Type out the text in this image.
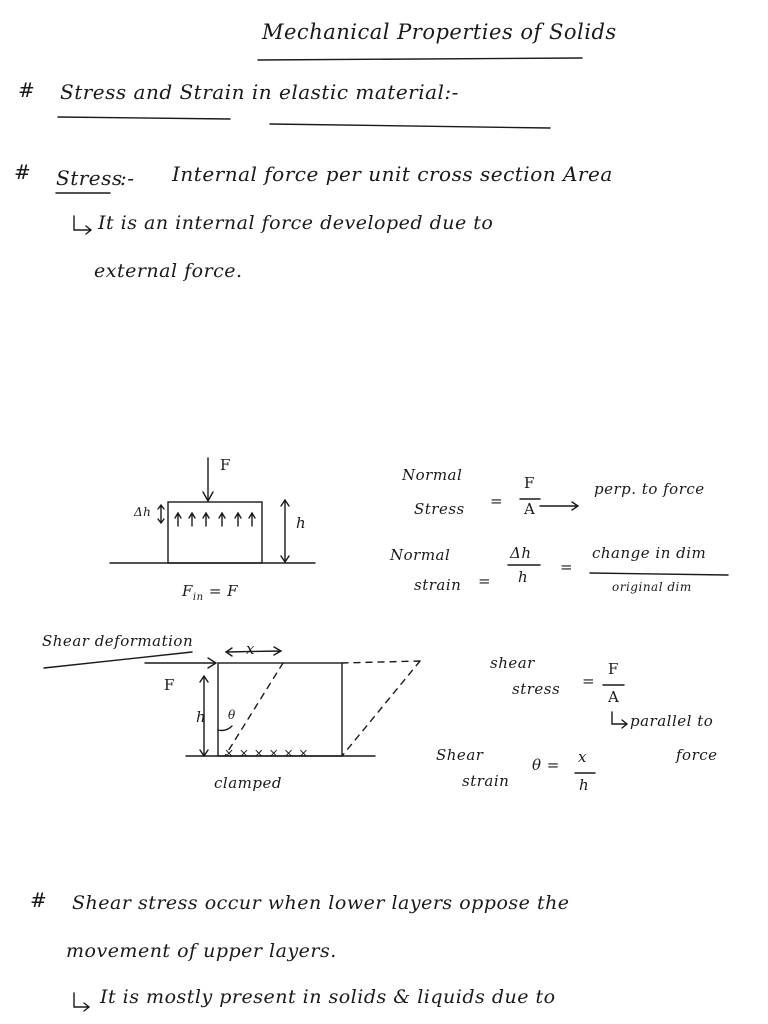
Mechanical Properties of Solids
# Stress and Strain in elastic material:-
# Stress
:- Internal force per unit cross section Area
It is an internal force developed due to
external force.
F
Δh
h
$F_{in} = F$
Normal
Stress =
F
A
perp. to force
Normal
strain =
Δh
h
=
change in dim
original dim
Shear deformation	x
F
h θ
× × × × × ×
clamped
shear
stress =
F
A
parallel to
force
Shear
strain
θ = x
h
# Shear stress occur when lower layers oppose the
movement of upper layers.
It is mostly present in solids & liquids due to
